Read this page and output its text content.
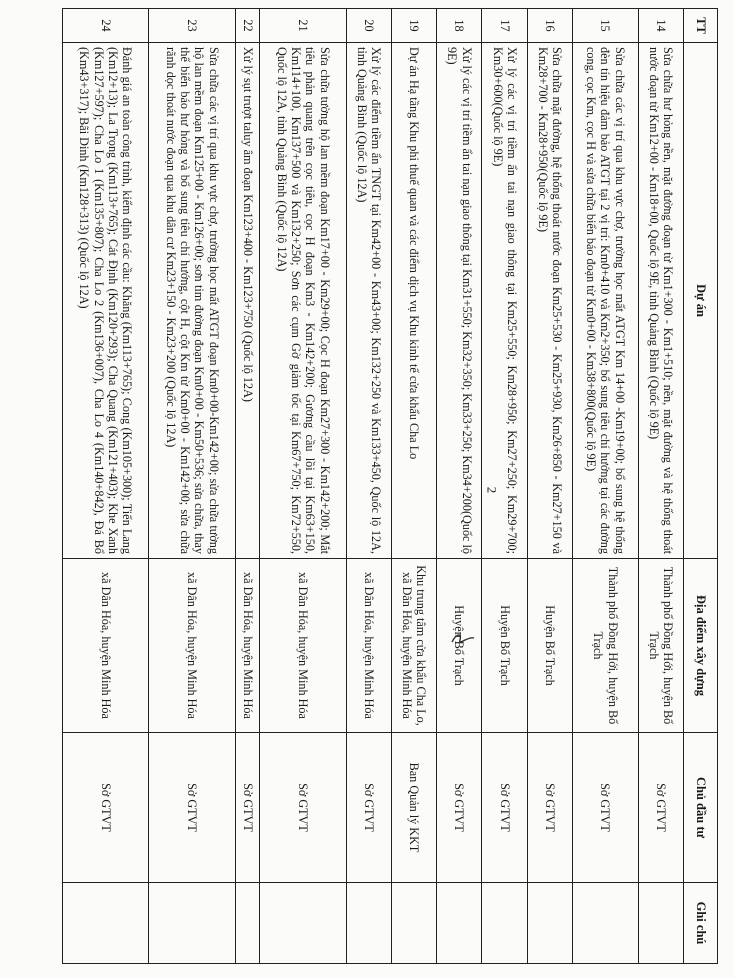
TT	Dự án	Địa điểm xây dựng	Chủ đầu tư	Ghi chú
14	Sửa chữa hư hỏng nền, mặt đường đoạn từ Km1+300 - Km1+510; nền, mặt đường và hệ thống thoát nước đoạn từ Km12+00 - Km18+00, Quốc lộ 9E, tỉnh Quảng Bình (Quốc lộ 9E)	Thành phố Đồng Hới, huyện Bố Trạch	Sở GTVT	
15	Sửa chữa các vị trí qua khu vực chợ, trường học mất ATGT Km 14+00 -Km19+00; bổ sung hệ thống đèn tín hiệu đảm bảo ATGT tại 2 vị trí: Km0+410 và Km2+350; bổ sung tiêu chí hướng tại các đường cong, cọc Km, cọc H và sửa chữa biển báo đoạn từ Km0+00 - Km38+800(Quốc lộ 9E)	Thành phố Đồng Hới, huyện Bố Trạch	Sở GTVT	
16	Sửa chữa mặt đường, hệ thống thoát nước đoạn Km25+530 - Km25+930, Km26+850 - Km27+150 và Km28+700 - Km28+950(Quốc lộ 9E)	Huyện Bố Trạch	Sở GTVT	
17	Xử lý các vị trí tiềm ẩn tai nạn giao thông tại Km25+550; Km28+950; Km27+250; Km29+700; Km30+600(Quốc lộ 9E)	Huyện Bố Trạch	Sở GTVT	
18	Xử lý các vị trí tiềm ẩn tai nạn giao thông tại Km31+550; Km32+350; Km33+250; Km34+200(Quốc lộ 9E)	Huyện Bố Trạch	Sở GTVT	
19	Dự án Hạ tầng Khu phi thuế quan và các điểm dịch vụ Khu kinh tế cửa khẩu Cha Lo	Khu trung tâm cửa khẩu Cha Lo, xã Dân Hóa, huyện Minh Hóa	Ban Quản lý KKT	
20	Xử lý các điểm tiềm ẩn TNGT tại Km42+00 - Km43+00; Km132+250 và Km133+450, Quốc lộ 12A, tỉnh Quảng Bình (Quốc lộ 12A)	xã Dân Hóa, huyện Minh Hóa	Sở GTVT	
21	Sửa chữa tường hộ lan mềm đoạn Km17+00 - Km29+00; Cọc H đoạn Km27+300 - Km142+200; Mắt tiêu phản quang trên cọc tiêu, cọc H đoạn Km3 - Km142+200; Gương cầu lồi tại Km63+150, Km114+100, Km137+500 và Km132+250; Sơn các cụm Gờ giảm tốc tại Km67+750; Km72+550, Quốc lộ 12A, tỉnh Quảng Bình (Quốc lộ 12A)	xã Dân Hóa, huyện Minh Hóa	Sở GTVT	
22	Xử lý sụt trượt taluy âm đoạn Km123+400 - Km123+750 (Quốc lộ 12A)	xã Dân Hóa, huyện Minh Hóa	Sở GTVT	
23	Sửa chữa các vị trí qua khu vực chợ, trường học mất ATGT đoạn Km0+00-Km142+00; sửa chữa tường hộ lan mềm đoạn Km125+00 - Km126+00; sơn tim đường đoạn Km0+00 - Km50+536; sửa chữa, thay thế biển báo hư hỏng và bổ sung tiêu chí hướng, cột H, cột Km từ Km0+00 - Km142+00; sửa chữa rãnh dọc thoát nước đoạn qua khu dân cư Km23+150 - Km23+200 (Quốc lộ 12A)	xã Dân Hóa, huyện Minh Hóa	Sở GTVT	
24	Đánh giá an toàn công trình, kiểm định các cầu: Khăng (Km113+765); Cong (Km105+300); Tiến Lang (Km12+13); La Trọng (Km113+765); Cát Định (Km120+293); Cha Quang (Km121+403); Khe Xanh (Km127+597); Cha Lo 1 (Km135+807); Cha Lo 2 (Km136+007), Cha Lo 4 (Km140+842), Đá Bổ (Km43+317); Bãi Dinh (Km128+313) (Quốc lộ 12A)	xã Dân Hóa, huyện Minh Hóa	Sở GTVT	
2
